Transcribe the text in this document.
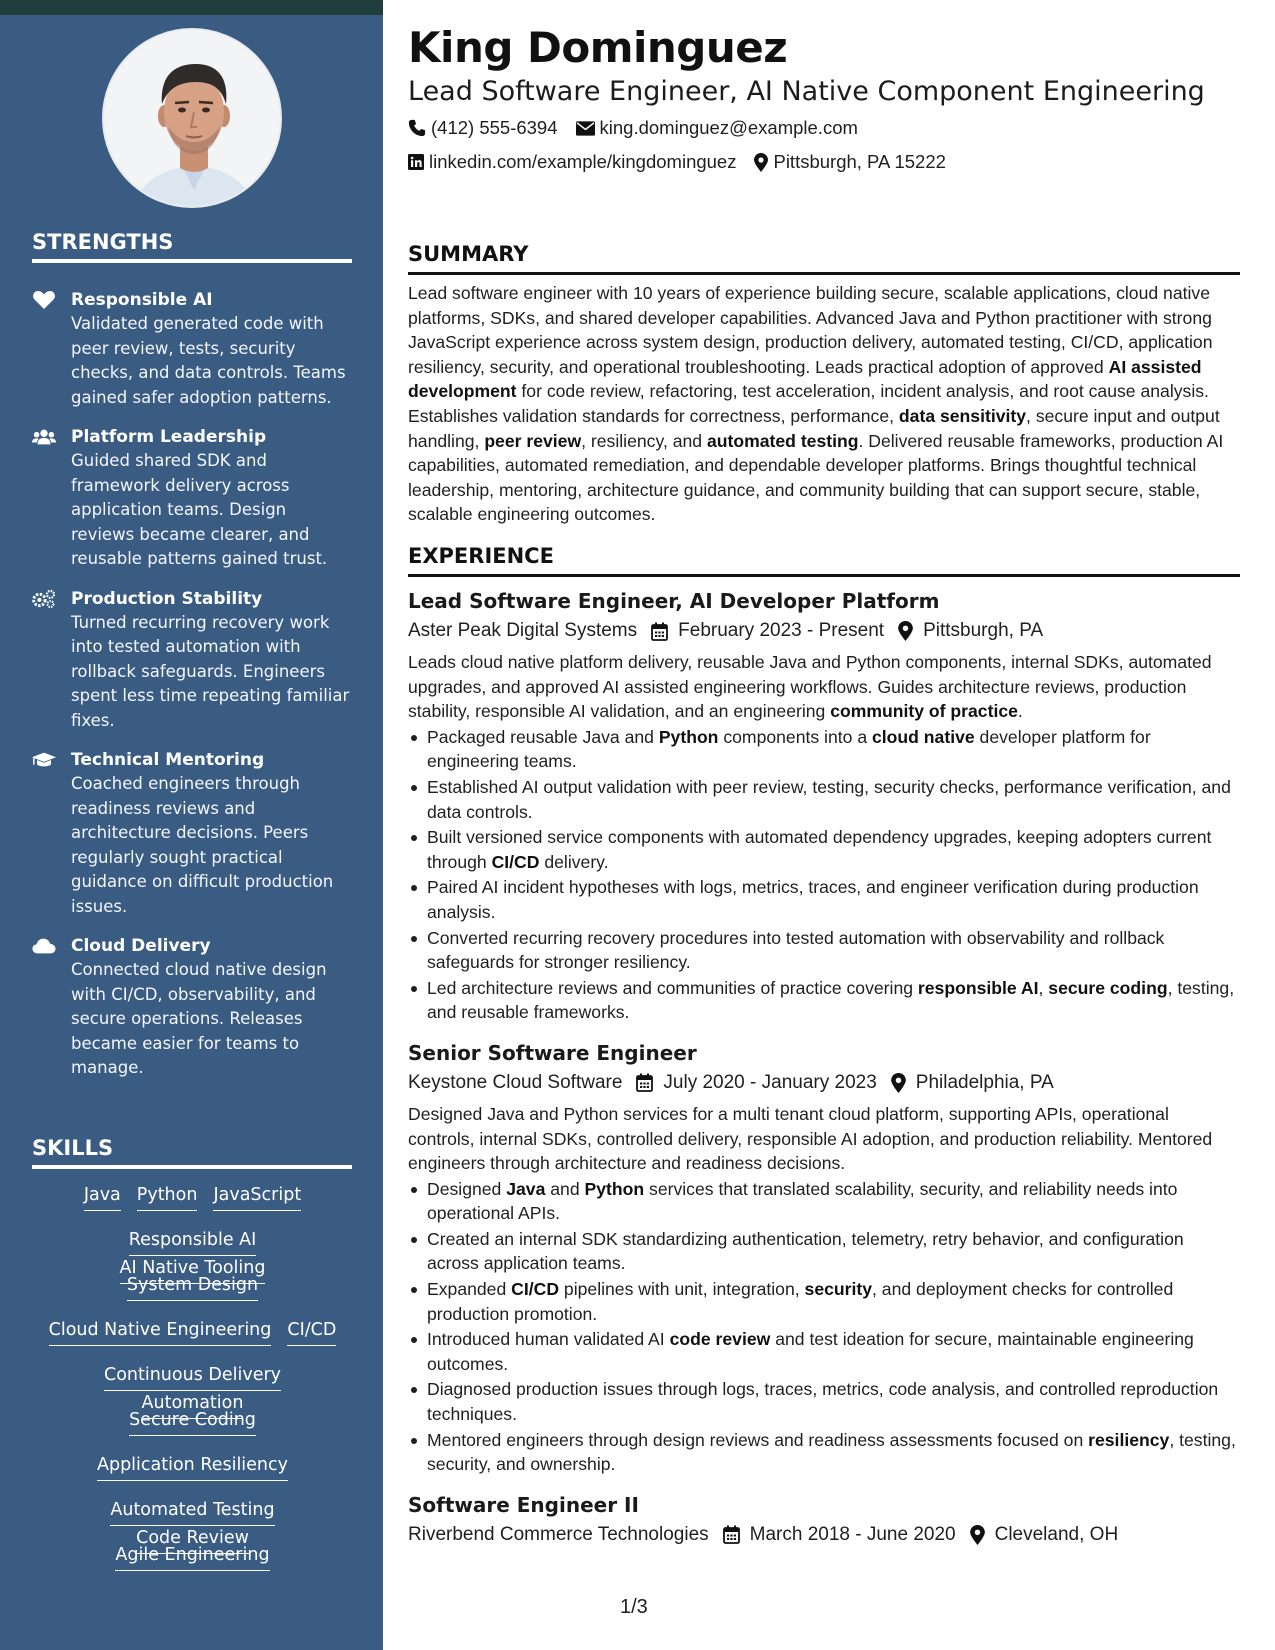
STRENGTHS
Responsible AI
Validated generated code with peer review, tests, security checks, and data controls. Teams gained safer adoption patterns.
Platform Leadership
Guided shared SDK and framework delivery across application teams. Design reviews became clearer, and reusable patterns gained trust.
Production Stability
Turned recurring recovery work into tested automation with rollback safeguards. Engineers spent less time repeating familiar fixes.
Technical Mentoring
Coached engineers through readiness reviews and architecture decisions. Peers regularly sought practical guidance on difficult production issues.
Cloud Delivery
Connected cloud native design with CI/CD, observability, and secure operations. Releases became easier for teams to manage.
SKILLS
Java Python JavaScript
Responsible AIAI Native Tooling
System Design
Cloud Native Engineering CI/CD
Continuous DeliveryAutomation
Secure Coding
Application Resiliency
Automated TestingCode Review
Agile Engineering
King Dominguez
Lead Software Engineer, AI Native Component Engineering
(412) 555-6394 king.dominguez@example.com
linkedin.com/example/kingdominguez Pittsburgh, PA 15222
SUMMARY

Lead software engineer with 10 years of experience building secure, scalable applications, cloud native platforms, SDKs, and shared developer capabilities. Advanced Java and Python practitioner with strong JavaScript experience across system design, production delivery, automated testing, CI/CD, application resiliency, security, and operational troubleshooting. Leads practical adoption of approved AI assisted development for code review, refactoring, test acceleration, incident analysis, and root cause analysis. Establishes validation standards for correctness, performance, data sensitivity, secure input and output handling, peer review, resiliency, and automated testing. Delivered reusable frameworks, production AI capabilities, automated remediation, and dependable developer platforms. Brings thoughtful technical leadership, mentoring, architecture guidance, and community building that can support secure, stable, scalable engineering outcomes.

EXPERIENCE
Lead Software Engineer, AI Developer Platform
Aster Peak Digital Systems February 2023 - Present Pittsburgh, PA

Leads cloud native platform delivery, reusable Java and Python components, internal SDKs, automated upgrades, and approved AI assisted engineering workflows. Guides architecture reviews, production stability, responsible AI validation, and an engineering community of practice.

Packaged reusable Java and Python components into a cloud native developer platform for engineering teams.
Established AI output validation with peer review, testing, security checks, performance verification, and data controls.
Built versioned service components with automated dependency upgrades, keeping adopters current through CI/CD delivery.
Paired AI incident hypotheses with logs, metrics, traces, and engineer verification during production analysis.
Converted recurring recovery procedures into tested automation with observability and rollback safeguards for stronger resiliency.
Led architecture reviews and communities of practice covering responsible AI, secure coding, testing, and reusable frameworks.
Senior Software Engineer
Keystone Cloud Software July 2020 - January 2023 Philadelphia, PA

Designed Java and Python services for a multi tenant cloud platform, supporting APIs, operational controls, internal SDKs, controlled delivery, responsible AI adoption, and production reliability. Mentored engineers through architecture and readiness decisions.

Designed Java and Python services that translated scalability, security, and reliability needs into operational APIs.
Created an internal SDK standardizing authentication, telemetry, retry behavior, and configuration across application teams.
Expanded CI/CD pipelines with unit, integration, security, and deployment checks for controlled production promotion.
Introduced human validated AI code review and test ideation for secure, maintainable engineering outcomes.
Diagnosed production issues through logs, traces, metrics, code analysis, and controlled reproduction techniques.
Mentored engineers through design reviews and readiness assessments focused on resiliency, testing, security, and ownership.
Software Engineer II
Riverbend Commerce Technologies March 2018 - June 2020 Cleveland, OH
1/3
